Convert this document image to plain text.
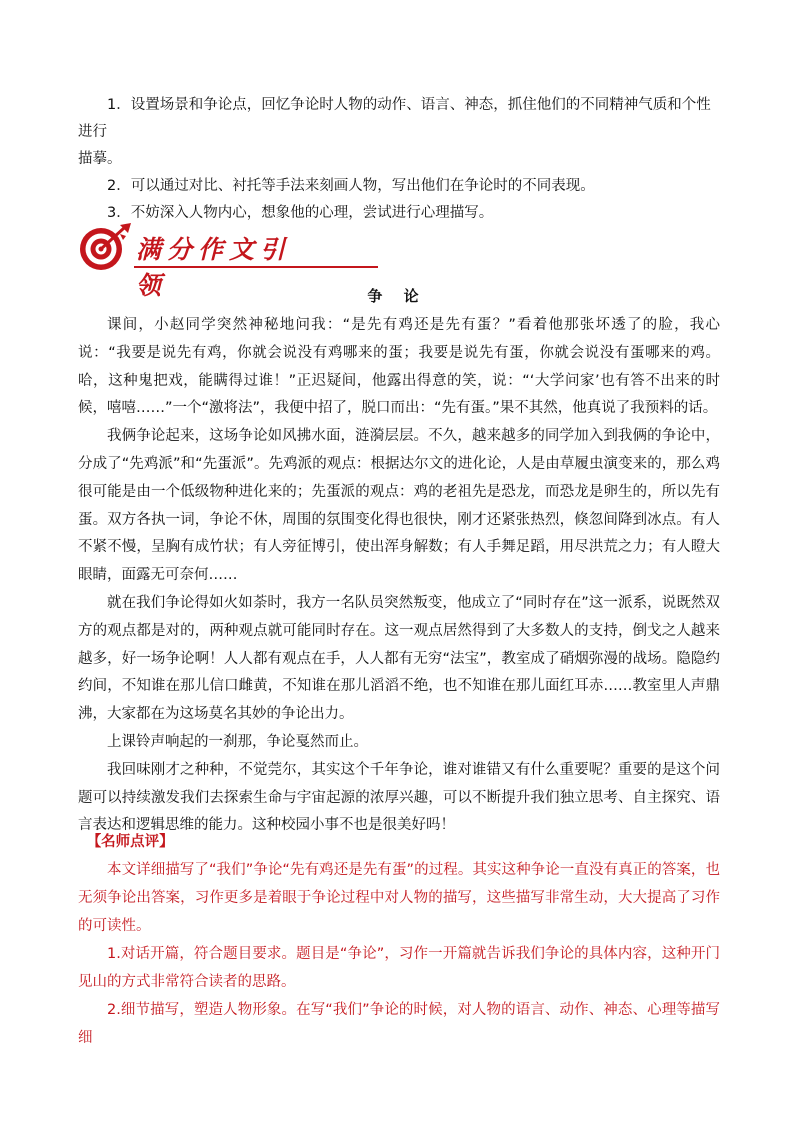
1．设置场景和争论点，回忆争论时人物的动作、语言、神态，抓住他们的不同精神气质和个性进行

描摹。

2．可以通过对比、衬托等手法来刻画人物，写出他们在争论时的不同表现。

3．不妨深入人物内心，想象他的心理，尝试进行心理描写。

满分作文引领	争 论

课间，小赵同学突然神秘地问我：“是先有鸡还是先有蛋？”看着他那张坏透了的脸，我心说：“我要是说先有鸡，你就会说没有鸡哪来的蛋；我要是说先有蛋，你就会说没有蛋哪来的鸡。哈，这种鬼把戏，能瞒得过谁！”正迟疑间，他露出得意的笑，说：“‘大学问家’也有答不出来的时候，嘻嘻……”一个“激将法”，我便中招了，脱口而出：“先有蛋。”果不其然，他真说了我预料的话。

我俩争论起来，这场争论如风拂水面，涟漪层层。不久，越来越多的同学加入到我俩的争论中，分成了“先鸡派”和“先蛋派”。先鸡派的观点：根据达尔文的进化论，人是由草履虫演变来的，那么鸡很可能是由一个低级物种进化来的；先蛋派的观点：鸡的老祖先是恐龙，而恐龙是卵生的，所以先有蛋。双方各执一词，争论不休，周围的氛围变化得也很快，刚才还紧张热烈，倏忽间降到冰点。有人不紧不慢，呈胸有成竹状；有人旁征博引，使出浑身解数；有人手舞足蹈，用尽洪荒之力；有人瞪大眼睛，面露无可奈何……

就在我们争论得如火如荼时，我方一名队员突然叛变，他成立了“同时存在”这一派系，说既然双方的观点都是对的，两种观点就可能同时存在。这一观点居然得到了大多数人的支持，倒戈之人越来越多，好一场争论啊！人人都有观点在手，人人都有无穷“法宝”，教室成了硝烟弥漫的战场。隐隐约约间，不知谁在那儿信口雌黄，不知谁在那儿滔滔不绝，也不知谁在那儿面红耳赤……教室里人声鼎沸，大家都在为这场莫名其妙的争论出力。

上课铃声响起的一刹那，争论戛然而止。

我回味刚才之种种，不觉莞尔，其实这个千年争论，谁对谁错又有什么重要呢？重要的是这个问题可以持续激发我们去探索生命与宇宙起源的浓厚兴趣，可以不断提升我们独立思考、自主探究、语言表达和逻辑思维的能力。这种校园小事不也是很美好吗！

【名师点评】

本文详细描写了“我们”争论“先有鸡还是先有蛋”的过程。其实这种争论一直没有真正的答案，也无须争论出答案，习作更多是着眼于争论过程中对人物的描写，这些描写非常生动，大大提高了习作的可读性。

1.对话开篇，符合题目要求。题目是“争论”，习作一开篇就告诉我们争论的具体内容，这种开门见山的方式非常符合读者的思路。

2.细节描写，塑造人物形象。在写“我们”争论的时候，对人物的语言、动作、神态、心理等描写细
